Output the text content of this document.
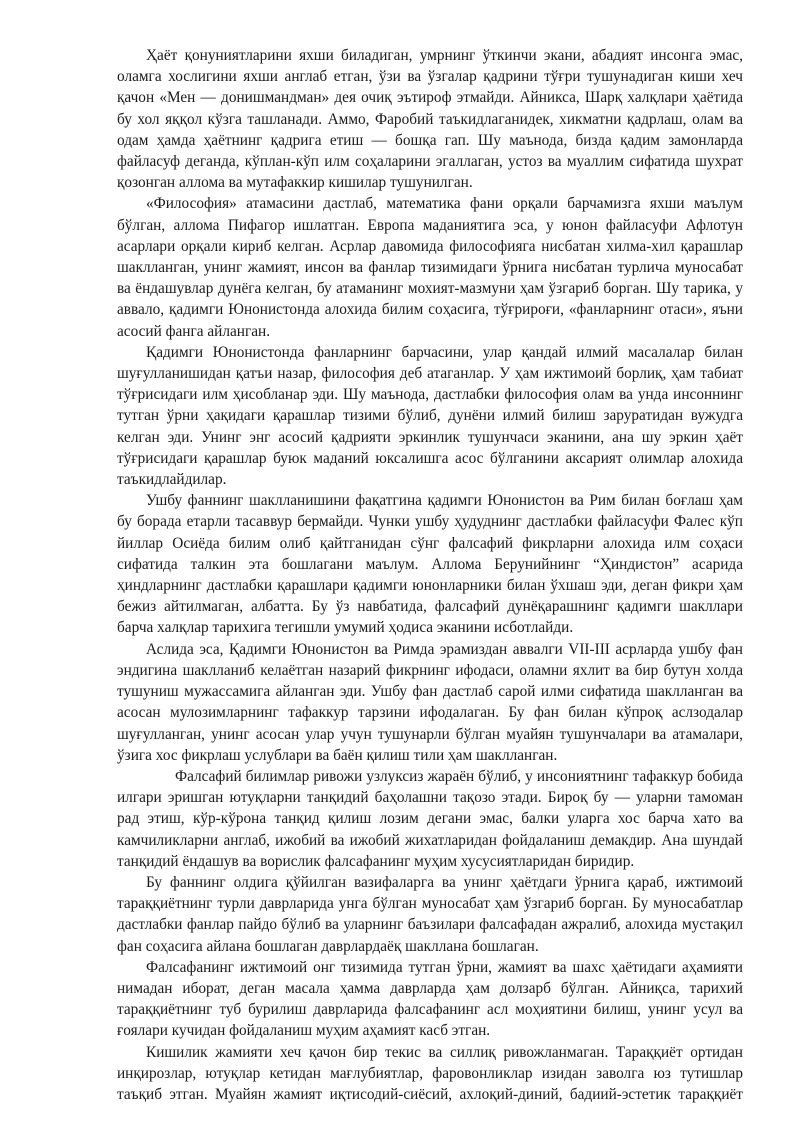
Ҳаёт қонуниятларини яхши биладиган, умрнинг ўткинчи экани, абадият инсонга эмас, оламга хослигини яхши англаб етган, ўзи ва ўзгалар қадрини тўғри тушунадиган киши хеч қачон «Мен — донишмандман» дея очиқ эътироф этмайди. Айникса, Шарқ халқлари ҳаётида бу хол яққол кўзга ташланади. Аммо, Фаробий таъкидлаганидек, хикматни қадрлаш, олам ва одам ҳамда ҳаётнинг қадрига етиш — бошқа гап. Шу маънода, бизда қадим замонларда файласуф деганда, кўплан-кўп илм соҳаларини эгаллаган, устоз ва муаллим сифатида шухрат қозонган аллома ва мутафаккир кишилар тушунилган.

«Философия» атамасини дастлаб, математика фани орқали барчамизга яхши маълум бўлган, аллома Пифагор ишлатган. Европа маданиятига эса, у юнон файласуфи Афлотун асарлари орқали кириб келган. Асрлар давомида философияга нисбатан хилма-хил қарашлар шаклланган, унинг жамият, инсон ва фанлар тизимидаги ўрнига нисбатан турлича муносабат ва ёндашувлар дунёга келган, бу атаманинг мохият-мазмуни ҳам ўзгариб борган. Шу тарика, у аввало, қадимги Юнонистонда алохида билим соҳасига, тўғрироғи, «фанларнинг отаси», яъни асосий фанга айланган.

Қадимги Юнонистонда фанларнинг барчасини, улар қандай илмий масалалар билан шуғулланишидан қатъи назар, философия деб атаганлар. У ҳам ижтимоий борлиқ, ҳам табиат тўғрисидаги илм ҳисобланар эди. Шу маънода, дастлабки философия олам ва унда инсоннинг тутган ўрни ҳақидаги қарашлар тизими бўлиб, дунёни илмий билиш заруратидан вужудга келган эди. Унинг энг асосий қадрияти эркинлик тушунчаси эканини, ана шу эркин ҳаёт тўғрисидаги қарашлар буюк маданий юксалишга асос бўлганини аксарият олимлар алохида таъкидлайдилар.

Ушбу фаннинг шаклланишини фақатгина қадимги Юнонистон ва Рим билан боғлаш ҳам бу борада етарли тасаввур бермайди. Чунки ушбу ҳудуднинг дастлабки файласуфи Фалес кўп йиллар Осиёда билим олиб қайтганидан сўнг фалсафий фикрларни алохида илм соҳаси сифатида талкин эта бошлагани маълум. Аллома Берунийнинг “Ҳиндистон” асарида ҳиндларнинг дастлабки қарашлари қадимги юнонларники билан ўхшаш эди, деган фикри ҳам бежиз айтилмаган, албатта. Бу ўз навбатида, фалсафий дунёқарашнинг қадимги шакллари барча халқлар тарихига тегишли умумий ҳодиса эканини исботлайди.

Аслида эса, Қадимги Юнонистон ва Римда эрамиздан аввалги VII-III асрларда ушбу фан эндигина шаклланиб келаётган назарий фикрнинг ифодаси, оламни яхлит ва бир бутун холда тушуниш мужассамига айланган эди. Ушбу фан дастлаб сарой илми сифатида шаклланган ва асосан мулозимларнинг тафаккур тарзини ифодалаган. Бу фан билан кўпроқ аслзодалар шуғулланган, унинг асосан улар учун тушунарли бўлган муайян тушунчалари ва атамалари, ўзига хос фикрлаш услублари ва баён қилиш тили ҳам шаклланган.

Фалсафий билимлар ривожи узлуксиз жараён бўлиб, у инсониятнинг тафаккур бобида илгари эришган ютуқларни танқидий баҳолашни тақозо этади. Бироқ бу — уларни тамоман рад этиш, кўр-кўрона танқид қилиш лозим дегани эмас, балки уларга хос барча хато ва камчиликларни англаб, ижобий ва ижобий жихатларидан фойдаланиш демакдир. Ана шундай танқидий ёндашув ва ворислик фалсафанинг муҳим хусусиятларидан биридир.

Бу фаннинг олдига қўйилган вазифаларга ва унинг ҳаётдаги ўрнига қараб, ижтимоий тараққиётнинг турли даврларида унга бўлган муносабат ҳам ўзгариб борган. Бу муносабатлар дастлабки фанлар пайдо бўлиб ва уларнинг баъзилари фалсафадан ажралиб, алохида мустақил фан соҳасига айлана бошлаган даврлардаёқ шакллана бошлаган.

Фалсафанинг ижтимоий онг тизимида тутган ўрни, жамият ва шахс ҳаётидаги аҳамияти нимадан иборат, деган масала ҳамма даврларда ҳам долзарб бўлган. Айниқса, тарихий тараққиётнинг туб бурилиш даврларида фалсафанинг асл моҳиятини билиш, унинг усул ва ғоялари кучидан фойдаланиш муҳим аҳамият касб этган.

Кишилик жамияти хеч қачон бир текис ва силлиқ ривожланмаган. Тараққиёт ортидан инқирозлар, ютуқлар кетидан мағлубиятлар, фаровонликлар изидан заволга юз тутишлар таъқиб этган. Муайян жамият иқтисодий-сиёсий, ахлоқий-диний, бадиий-эстетик тараққиёт
